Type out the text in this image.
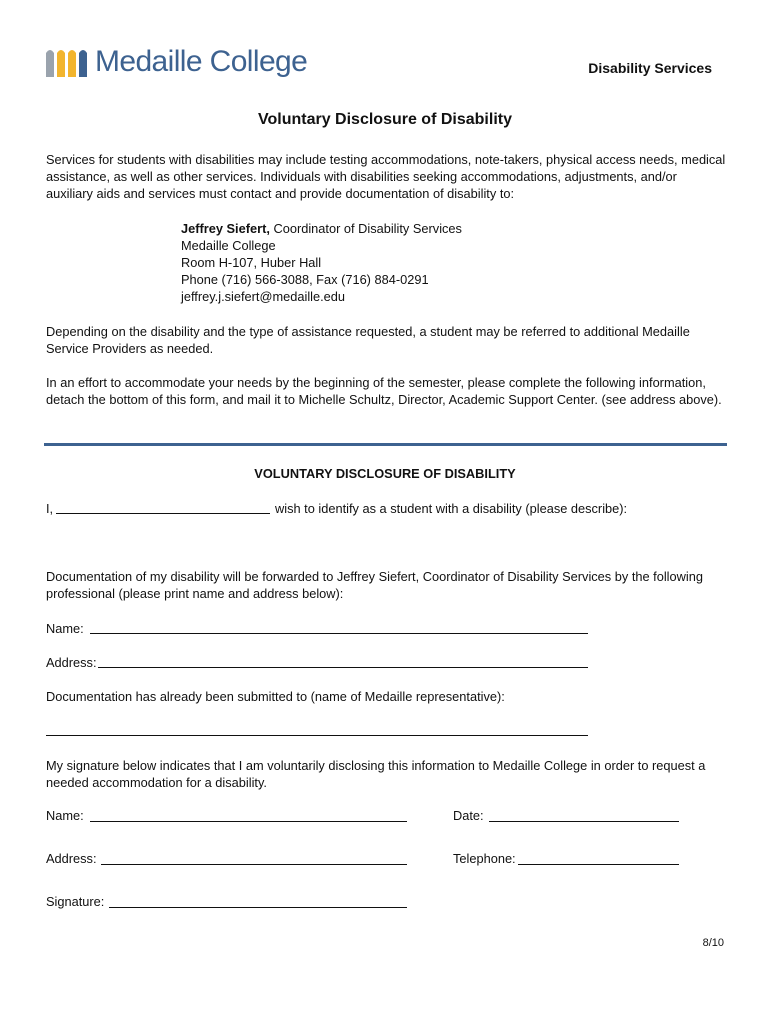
Medaille College	Disability Services
Voluntary Disclosure of Disability
Services for students with disabilities may include testing accommodations, note-takers, physical access needs, medical assistance, as well as other services. Individuals with disabilities seeking accommodations, adjustments, and/or auxiliary aids and services must contact and provide documentation of disability to:
Jeffrey Siefert, Coordinator of Disability Services
Medaille College
Room H-107, Huber Hall
Phone (716) 566-3088, Fax (716) 884-0291
jeffrey.j.siefert@medaille.edu
Depending on the disability and the type of assistance requested, a student may be referred to additional Medaille Service Providers as needed.
In an effort to accommodate your needs by the beginning of the semester, please complete the following information, detach the bottom of this form, and mail it to Michelle Schultz, Director, Academic Support Center. (see address above).
VOLUNTARY DISCLOSURE OF DISABILITY
I,	wish to identify as a student with a disability (please describe):
Documentation of my disability will be forwarded to Jeffrey Siefert, Coordinator of Disability Services by the following professional (please print name and address below):
Name:
Address:
Documentation has already been submitted to (name of Medaille representative):
My signature below indicates that I am voluntarily disclosing this information to Medaille College in order to request a needed accommodation for a disability.
Name:	Date:
Address:	Telephone:
Signature:
8/10
